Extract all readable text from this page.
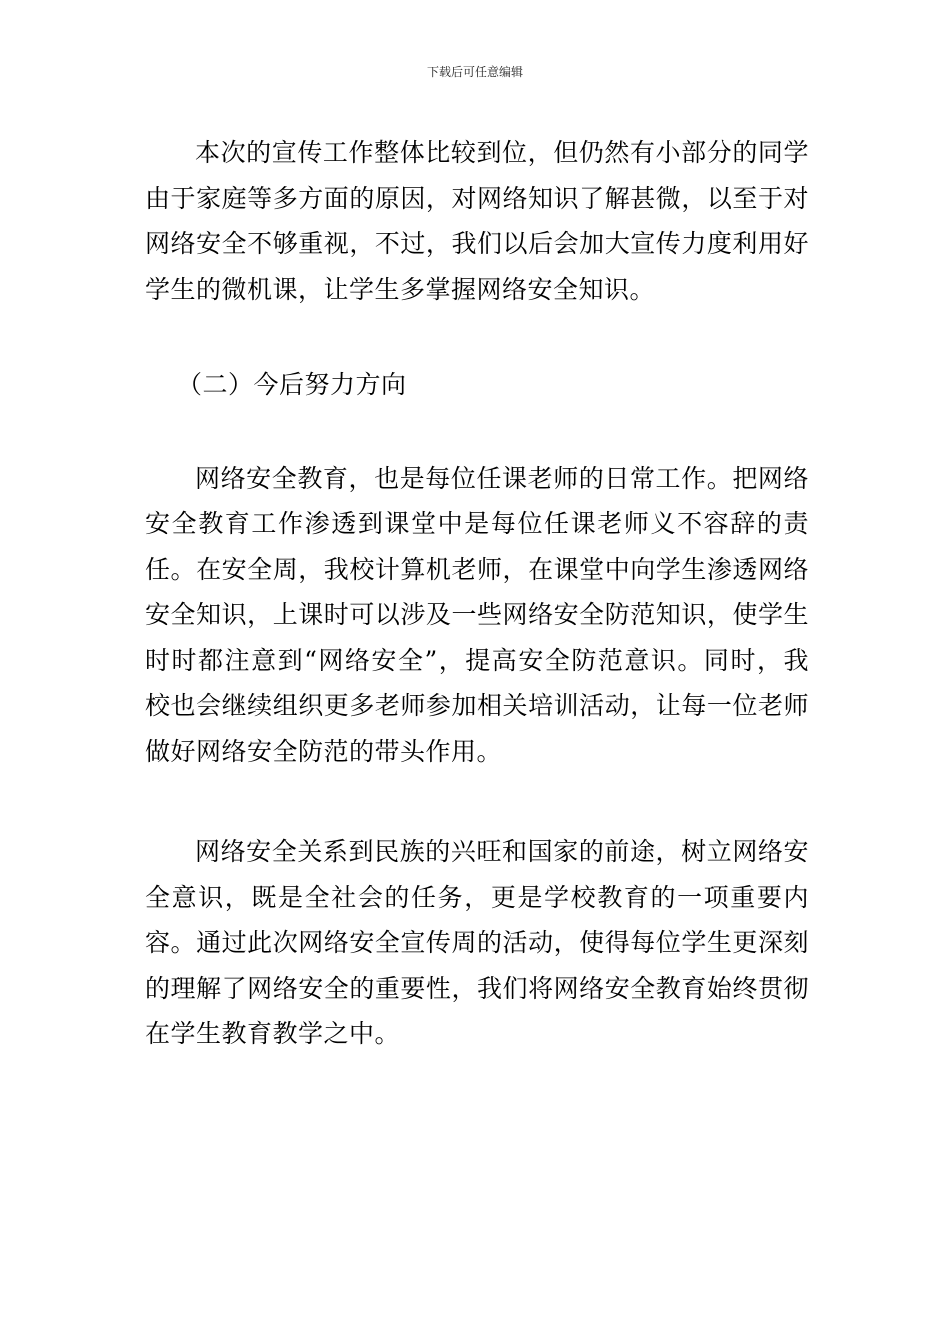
下载后可任意编辑

本次的宣传工作整体比较到位，但仍然有小部分的同学由于家庭等多方面的原因，对网络知识了解甚微，以至于对网络安全不够重视，不过，我们以后会加大宣传力度利用好学生的微机课，让学生多掌握网络安全知识。

（二）今后努力方向

网络安全教育，也是每位任课老师的日常工作。把网络安全教育工作渗透到课堂中是每位任课老师义不容辞的责任。在安全周，我校计算机老师，在课堂中向学生渗透网络安全知识，上课时可以涉及一些网络安全防范知识，使学生时时都注意到“网络安全”，提高安全防范意识。同时，我校也会继续组织更多老师参加相关培训活动，让每一位老师做好网络安全防范的带头作用。

网络安全关系到民族的兴旺和国家的前途，树立网络安全意识，既是全社会的任务，更是学校教育的一项重要内容。通过此次网络安全宣传周的活动，使得每位学生更深刻的理解了网络安全的重要性，我们将网络安全教育始终贯彻在学生教育教学之中。
